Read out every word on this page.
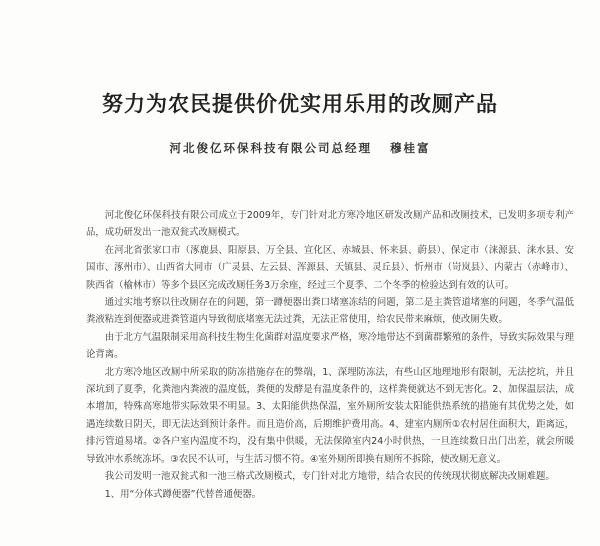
努力为农民提供价优实用乐用的改厕产品
河北俊亿环保科技有限公司总经理 穆桂富

河北俊亿环保科技有限公司成立于2009年，专门针对北方寒冷地区研发改厕产品和改厕技术，已发明多项专利产品，成功研发出一池双瓮式改厕模式。

在河北省张家口市（涿鹿县、阳原县、万全县、宣化区、赤城县、怀来县、蔚县）、保定市（涞源县、涞水县、安国市、涿州市）、山西省大同市（广灵县、左云县、浑源县、天镇县、灵丘县）、忻州市（岢岚县）、内蒙古（赤峰市）、陕西省（榆林市）等多个县区完成改厕任务3万余座，经过三个夏季、二个冬季的检验达到有效的认可。

通过实地考察以往改厕存在的问题，第一蹲便器出粪口堵塞冻结的问题，第二是主粪管道堵塞的问题，冬季气温低粪液粘连到便器或进粪管道内导致彻底堵塞无法过粪，无法正常使用，给农民带来麻烦，使改厕失败。

由于北方气温限制采用高科技生物生化菌群对温度要求严格，寒冷地带达不到菌群繁殖的条件，导致实际效果与理论背离。

北方寒冷地区改厕中所采取的防冻措施存在的弊端，1、深埋防冻法，有些山区地理地形有限制，无法挖坑，并且深坑到了夏季，化粪池内粪液的温度低，粪便的发酵是有温度条件的，这样粪便就达不到无害化。2、加保温层法，成本增加，特殊高寒地带实际效果不明显。3、太阳能供热保温，室外厕所安装太阳能供热系统的措施有其优势之处，如遇连续数日阴天，即无法达到预计条件。而且造价高，后期维护费用高。4、建室内厕所①农村居住面积大，距离远，排污管道易堵。②各户室内温度不均，没有集中供暖，无法保障室内24小时供热，一旦连续数日出门出差，就会所暖导致冲水系统冻坏。③农民不认可，与生活习惯不符。④室外厕所即换有厕所不拆除，使改厕无意义。

我公司发明一池双瓮式和一池三格式改厕模式，专门针对北方地带，结合农民的传统现状彻底解决改厕难题。

1、用“分体式蹲便器”代替普通便器。
